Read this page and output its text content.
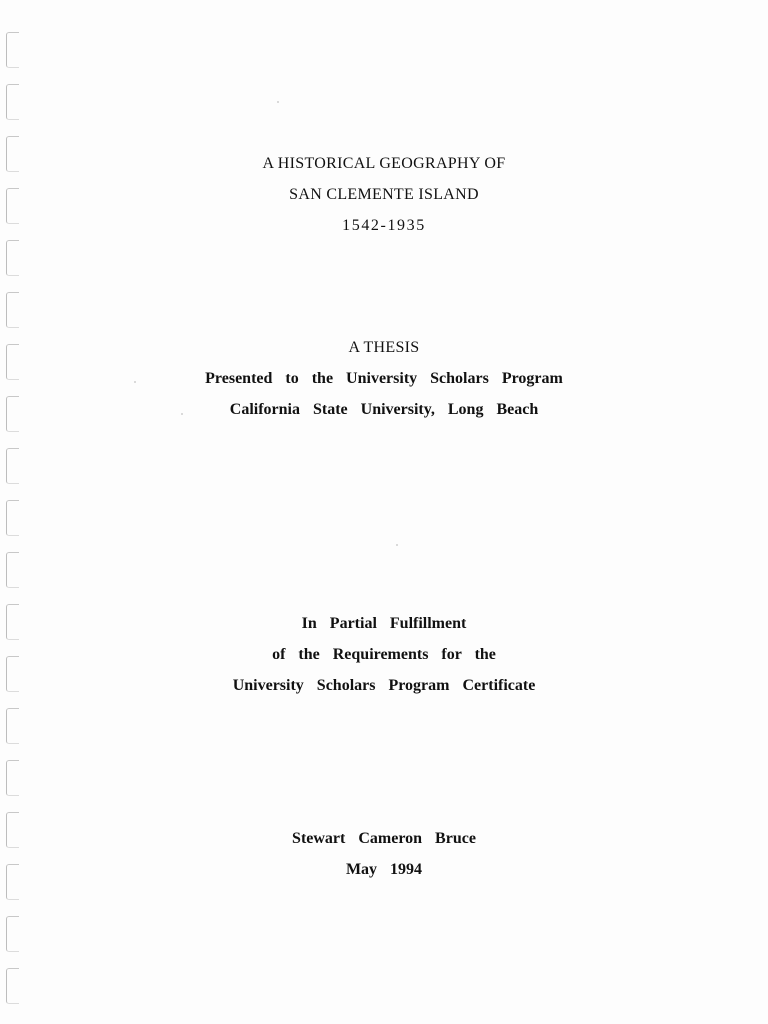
A HISTORICAL GEOGRAPHY OF
SAN CLEMENTE ISLAND
1542-1935
A THESIS
Presented to the University Scholars Program
California State University, Long Beach
In Partial Fulfillment
of the Requirements for the
University Scholars Program Certificate
Stewart Cameron Bruce
May 1994
